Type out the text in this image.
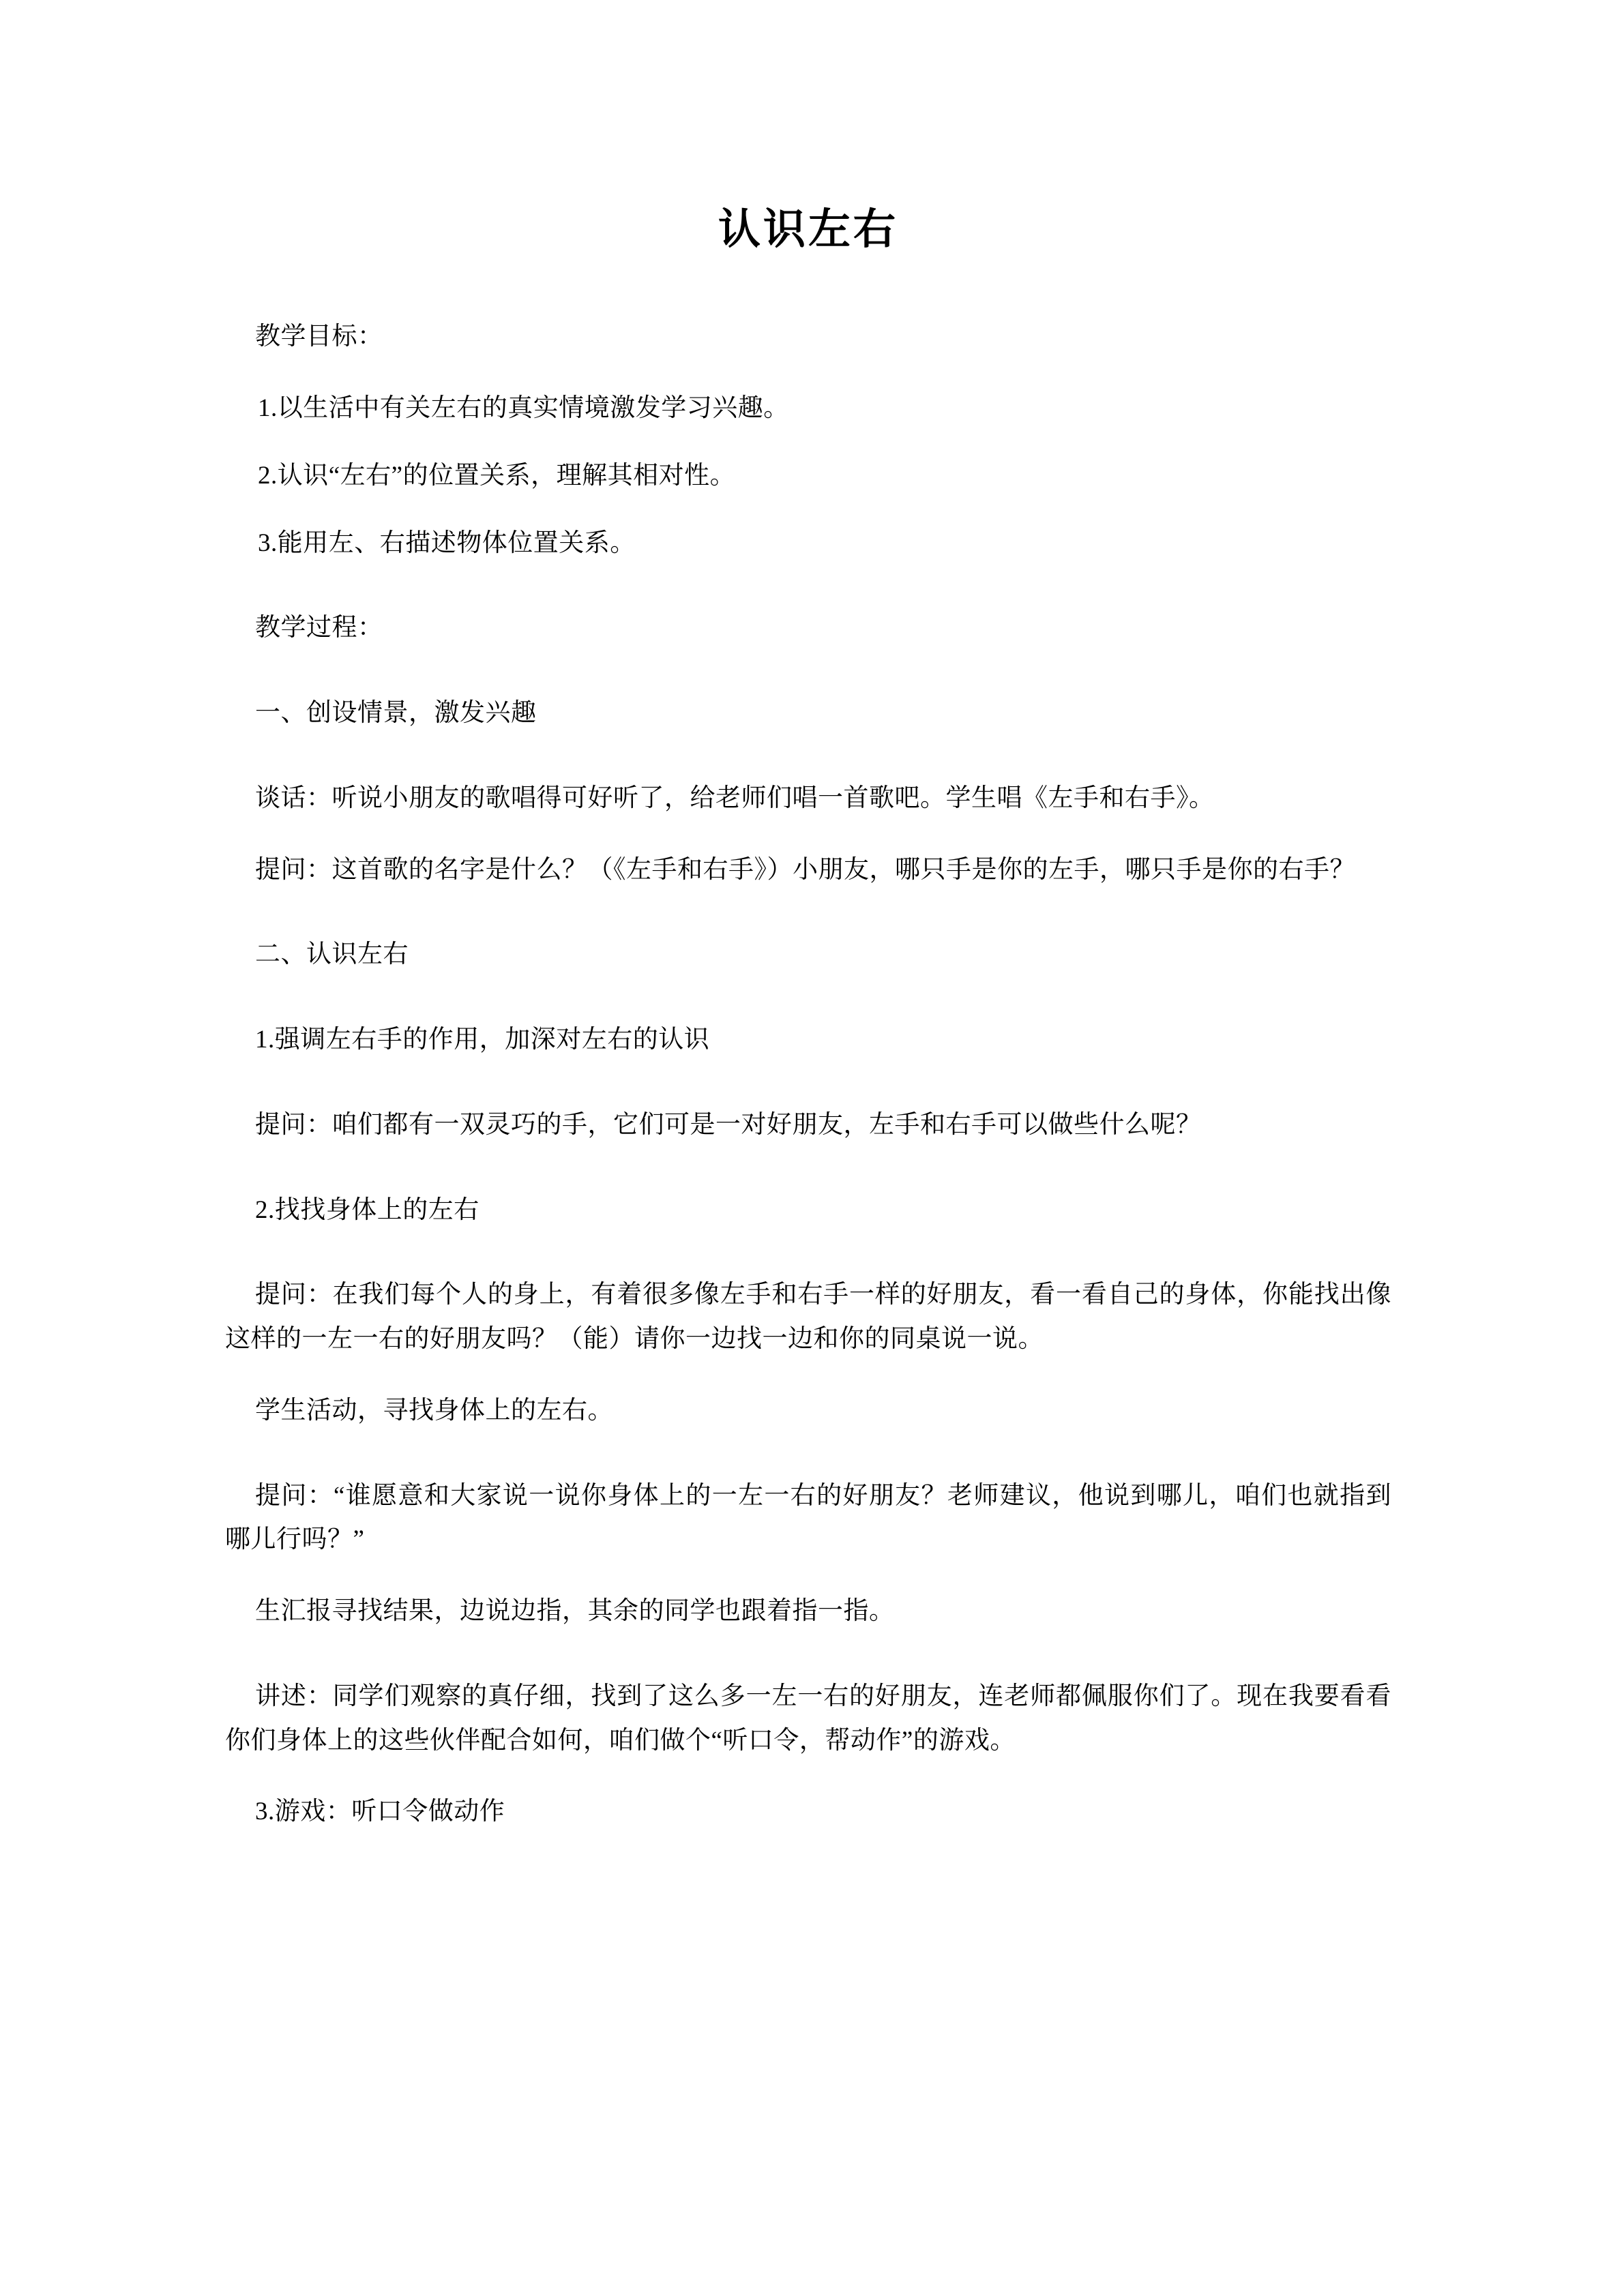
认识左右

教学目标：

1.以生活中有关左右的真实情境激发学习兴趣。

2.认识“左右”的位置关系，理解其相对性。

3.能用左、右描述物体位置关系。

教学过程：

一、创设情景，激发兴趣

谈话：听说小朋友的歌唱得可好听了，给老师们唱一首歌吧。学生唱《左手和右手》。

提问：这首歌的名字是什么？（《左手和右手》）小朋友，哪只手是你的左手，哪只手是你的右手？

二、认识左右

1.强调左右手的作用，加深对左右的认识

提问：咱们都有一双灵巧的手，它们可是一对好朋友，左手和右手可以做些什么呢？

2.找找身体上的左右

提问：在我们每个人的身上，有着很多像左手和右手一样的好朋友，看一看自己的身体，你能找出像这样的一左一右的好朋友吗？（能）请你一边找一边和你的同桌说一说。

学生活动，寻找身体上的左右。

提问：“谁愿意和大家说一说你身体上的一左一右的好朋友？老师建议，他说到哪儿，咱们也就指到哪儿行吗？”

生汇报寻找结果，边说边指，其余的同学也跟着指一指。

讲述：同学们观察的真仔细，找到了这么多一左一右的好朋友，连老师都佩服你们了。现在我要看看你们身体上的这些伙伴配合如何，咱们做个“听口令，帮动作”的游戏。

3.游戏：听口令做动作
